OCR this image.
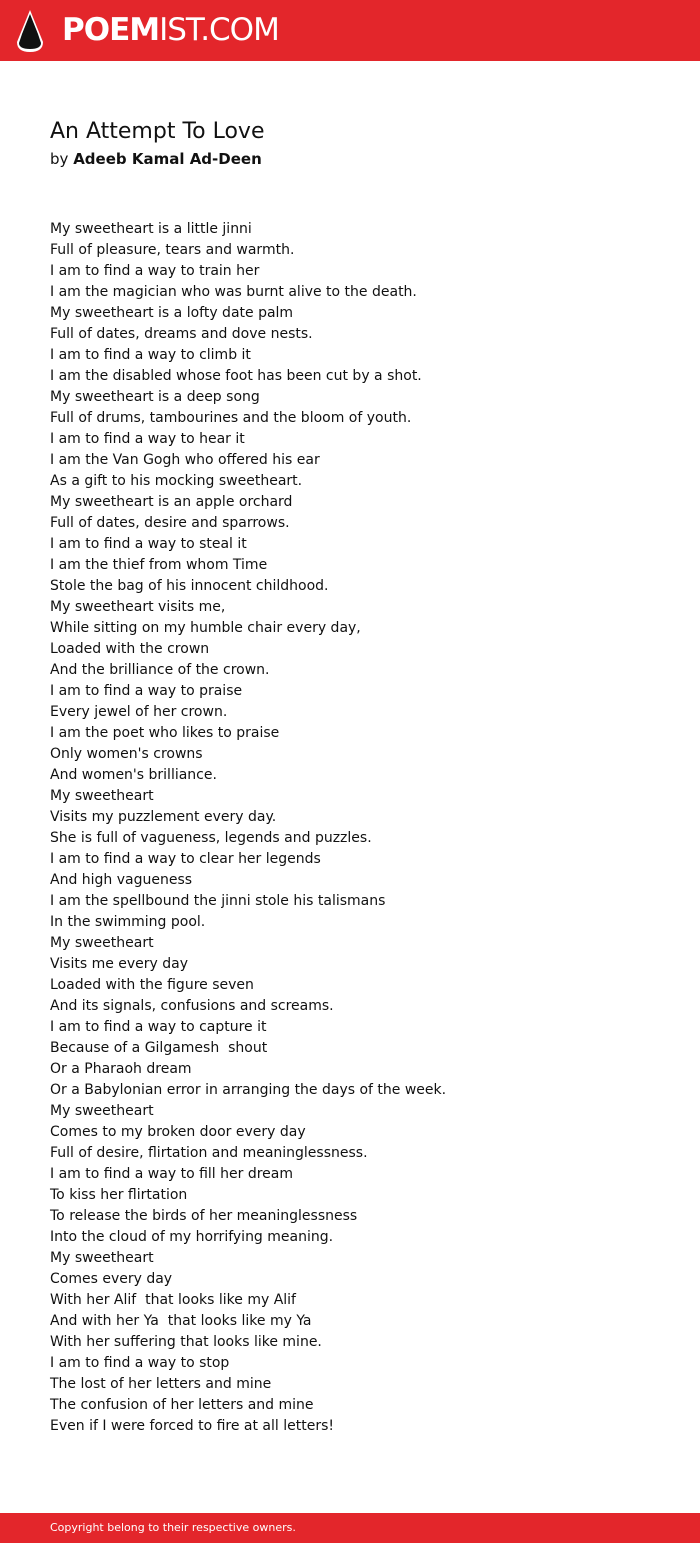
POEMIST.COM
An Attempt To Love
by Adeeb Kamal Ad-Deen
My sweetheart is a little jinni
Full of pleasure, tears and warmth.
I am to find a way to train her
I am the magician who was burnt alive to the death.
My sweetheart is a lofty date palm
Full of dates, dreams and dove nests.
I am to find a way to climb it
I am the disabled whose foot has been cut by a shot.
My sweetheart is a deep song
Full of drums, tambourines and the bloom of youth.
I am to find a way to hear it
I am the Van Gogh who offered his ear
As a gift to his mocking sweetheart.
My sweetheart is an apple orchard
Full of dates, desire and sparrows.
I am to find a way to steal it
I am the thief from whom Time
Stole the bag of his innocent childhood.
My sweetheart visits me,
While sitting on my humble chair every day,
Loaded with the crown
And the brilliance of the crown.
I am to find a way to praise
Every jewel of her crown.
I am the poet who likes to praise
Only women's crowns
And women's brilliance.
My sweetheart
Visits my puzzlement every day.
She is full of vagueness, legends and puzzles.
I am to find a way to clear her legends
And high vagueness
I am the spellbound the jinni stole his talismans
In the swimming pool.
My sweetheart
Visits me every day
Loaded with the figure seven
And its signals, confusions and screams.
I am to find a way to capture it
Because of a Gilgamesh  shout
Or a Pharaoh dream
Or a Babylonian error in arranging the days of the week.
My sweetheart
Comes to my broken door every day
Full of desire, flirtation and meaninglessness.
I am to find a way to fill her dream
To kiss her flirtation
To release the birds of her meaninglessness
Into the cloud of my horrifying meaning.
My sweetheart
Comes every day
With her Alif  that looks like my Alif
And with her Ya  that looks like my Ya
With her suffering that looks like mine.
I am to find a way to stop
The lost of her letters and mine
The confusion of her letters and mine
Even if I were forced to fire at all letters!
Copyright belong to their respective owners.
